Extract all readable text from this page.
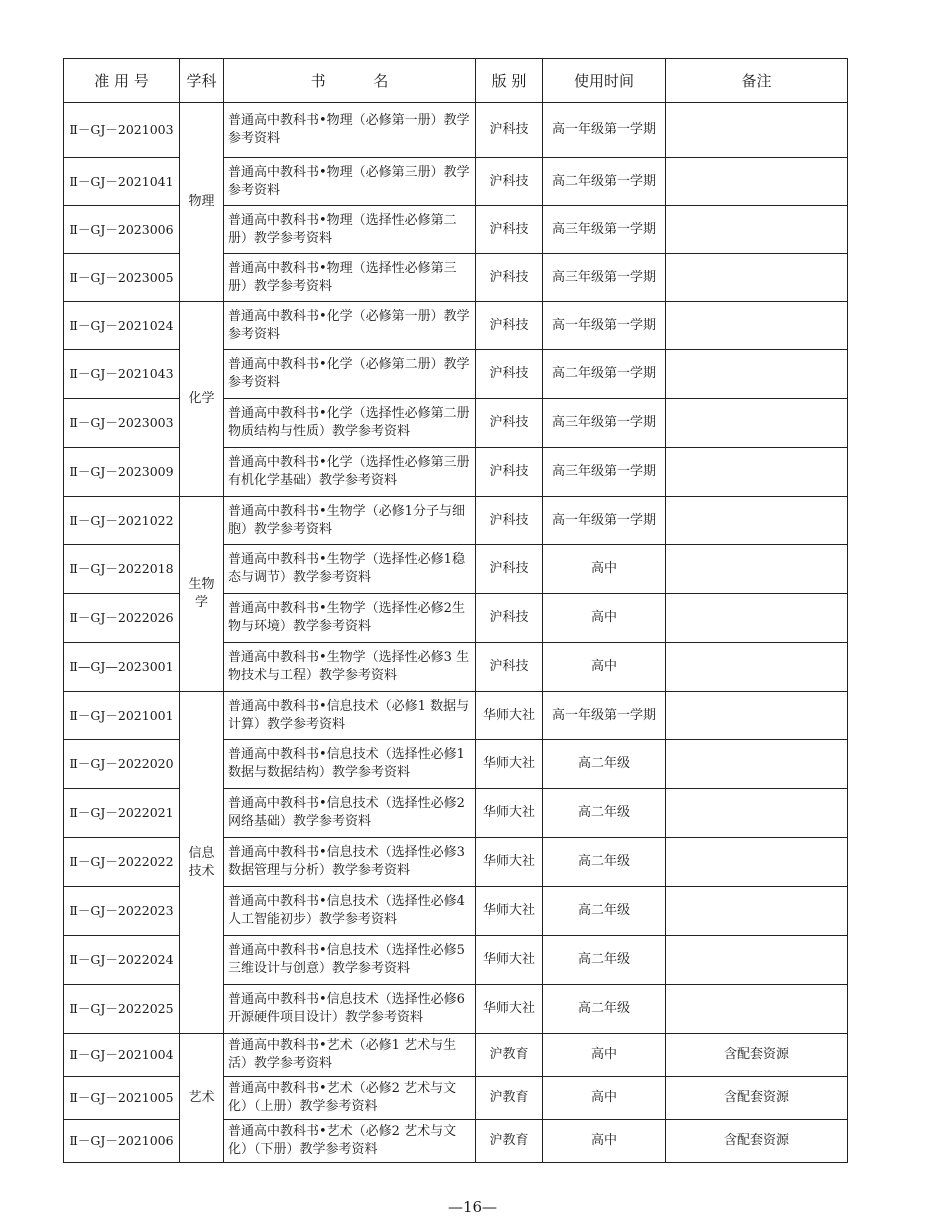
准 用 号	学科	书          名	版 别	使用时间	备注
Ⅱ－GJ－2021003	物理	普通高中教科书•物理（必修第一册）教学参考资料	沪科技	高一年级第一学期	
Ⅱ－GJ－2021041		普通高中教科书•物理（必修第三册）教学参考资料	沪科技	高二年级第一学期	
Ⅱ－GJ－2023006		普通高中教科书•物理（选择性必修第二册）教学参考资料	沪科技	高三年级第一学期	
Ⅱ－GJ－2023005		普通高中教科书•物理（选择性必修第三册）教学参考资料	沪科技	高三年级第一学期	
Ⅱ－GJ－2021024	化学	普通高中教科书•化学（必修第一册）教学参考资料	沪科技	高一年级第一学期	
Ⅱ－GJ－2021043		普通高中教科书•化学（必修第二册）教学参考资料	沪科技	高二年级第一学期	
Ⅱ－GJ－2023003		普通高中教科书•化学（选择性必修第二册 物质结构与性质）教学参考资料	沪科技	高三年级第一学期	
Ⅱ－GJ－2023009		普通高中教科书•化学（选择性必修第三册 有机化学基础）教学参考资料	沪科技	高三年级第一学期	
Ⅱ－GJ－2021022	生物学	普通高中教科书•生物学（必修1分子与细胞）教学参考资料	沪科技	高一年级第一学期	
Ⅱ－GJ－2022018		普通高中教科书•生物学（选择性必修1稳态与调节）教学参考资料	沪科技	高中	
Ⅱ－GJ－2022026		普通高中教科书•生物学（选择性必修2生物与环境）教学参考资料	沪科技	高中	
Ⅱ—GJ—2023001		普通高中教科书•生物学（选择性必修3 生物技术与工程）教学参考资料	沪科技	高中	
Ⅱ－GJ－2021001	信息技术	普通高中教科书•信息技术（必修1 数据与计算）教学参考资料	华师大社	高一年级第一学期	
Ⅱ－GJ－2022020		普通高中教科书•信息技术（选择性必修1 数据与数据结构）教学参考资料	华师大社	高二年级	
Ⅱ－GJ－2022021		普通高中教科书•信息技术（选择性必修2 网络基础）教学参考资料	华师大社	高二年级	
Ⅱ－GJ－2022022		普通高中教科书•信息技术（选择性必修3 数据管理与分析）教学参考资料	华师大社	高二年级	
Ⅱ－GJ－2022023		普通高中教科书•信息技术（选择性必修4 人工智能初步）教学参考资料	华师大社	高二年级	
Ⅱ－GJ－2022024		普通高中教科书•信息技术（选择性必修5 三维设计与创意）教学参考资料	华师大社	高二年级	
Ⅱ－GJ－2022025		普通高中教科书•信息技术（选择性必修6 开源硬件项目设计）教学参考资料	华师大社	高二年级	
Ⅱ－GJ－2021004	艺术	普通高中教科书•艺术（必修1 艺术与生活）教学参考资料	沪教育	高中	含配套资源
Ⅱ－GJ－2021005		普通高中教科书•艺术（必修2 艺术与文化）（上册）教学参考资料	沪教育	高中	含配套资源
Ⅱ－GJ－2021006		普通高中教科书•艺术（必修2 艺术与文化）（下册）教学参考资料	沪教育	高中	含配套资源
—16—
